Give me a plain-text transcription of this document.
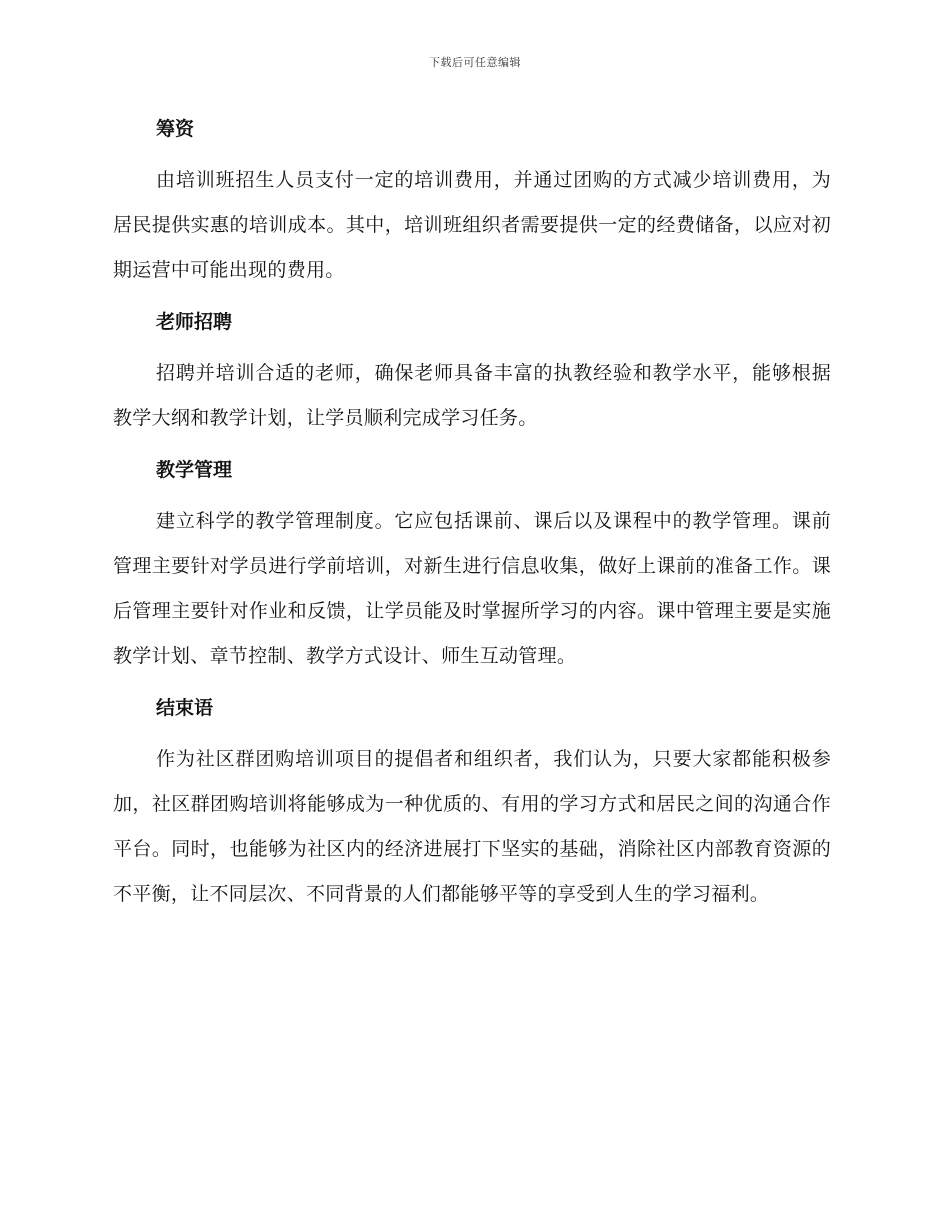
下载后可任意编辑
筹资

由培训班招生人员支付一定的培训费用，并通过团购的方式减少培训费用，为居民提供实惠的培训成本。其中，培训班组织者需要提供一定的经费储备，以应对初期运营中可能出现的费用。

老师招聘

招聘并培训合适的老师，确保老师具备丰富的执教经验和教学水平，能够根据教学大纲和教学计划，让学员顺利完成学习任务。

教学管理

建立科学的教学管理制度。它应包括课前、课后以及课程中的教学管理。课前管理主要针对学员进行学前培训，对新生进行信息收集，做好上课前的准备工作。课后管理主要针对作业和反馈，让学员能及时掌握所学习的内容。课中管理主要是实施教学计划、章节控制、教学方式设计、师生互动管理。

结束语

作为社区群团购培训项目的提倡者和组织者，我们认为，只要大家都能积极参加，社区群团购培训将能够成为一种优质的、有用的学习方式和居民之间的沟通合作平台。同时，也能够为社区内的经济进展打下坚实的基础，消除社区内部教育资源的不平衡，让不同层次、不同背景的人们都能够平等的享受到人生的学习福利。
